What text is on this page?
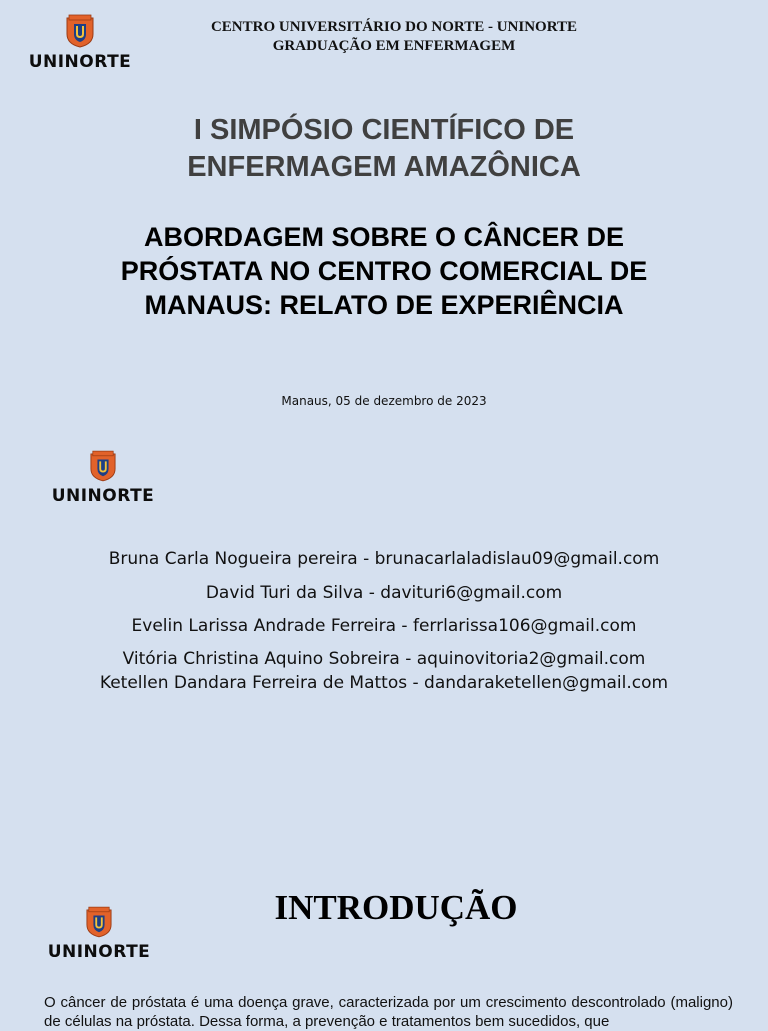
UNINORTE
CENTRO UNIVERSITÁRIO DO NORTE - UNINORTE
GRADUAÇÃO EM ENFERMAGEM
I SIMPÓSIO CIENTÍFICO DE
ENFERMAGEM AMAZÔNICA
ABORDAGEM SOBRE O CÂNCER DE
PRÓSTATA NO CENTRO COMERCIAL DE
MANAUS: RELATO DE EXPERIÊNCIA
Manaus, 05 de dezembro de 2023
UNINORTE
Bruna Carla Nogueira pereira - brunacarlaladislau09@gmail.com
David Turi da Silva - davituri6@gmail.com
Evelin Larissa Andrade Ferreira - ferrlarissa106@gmail.com
Vitória Christina Aquino Sobreira - aquinovitoria2@gmail.com
Ketellen Dandara Ferreira de Mattos - dandaraketellen@gmail.com
UNINORTE
INTRODUÇÃO
O câncer de próstata é uma doença grave, caracterizada por um crescimento descontrolado (maligno) de células na próstata. Dessa forma, a prevenção e tratamentos bem sucedidos, que
